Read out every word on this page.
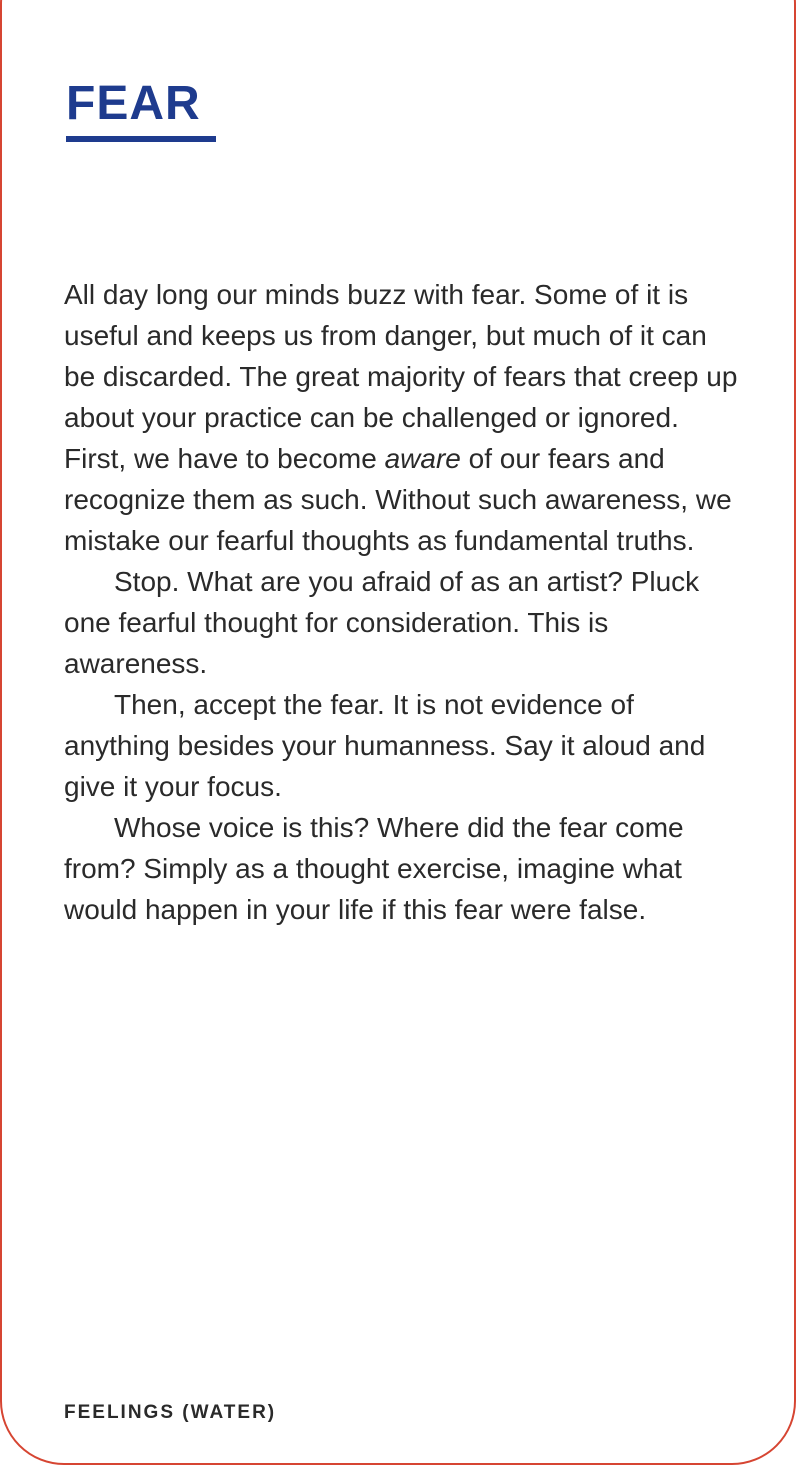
FEAR

All day long our minds buzz with fear. Some of it is useful and keeps us from danger, but much of it can be discarded. The great majority of fears that creep up about your practice can be challenged or ignored. First, we have to become aware of our fears and recognize them as such. Without such awareness, we mistake our fearful thoughts as fundamental truths.

Stop. What are you afraid of as an artist? Pluck one fearful thought for consideration. This is awareness.

Then, accept the fear. It is not evidence of anything besides your humanness. Say it aloud and give it your focus.

Whose voice is this? Where did the fear come from? Simply as a thought exercise, imagine what would happen in your life if this fear were false.

FEELINGS (WATER)
